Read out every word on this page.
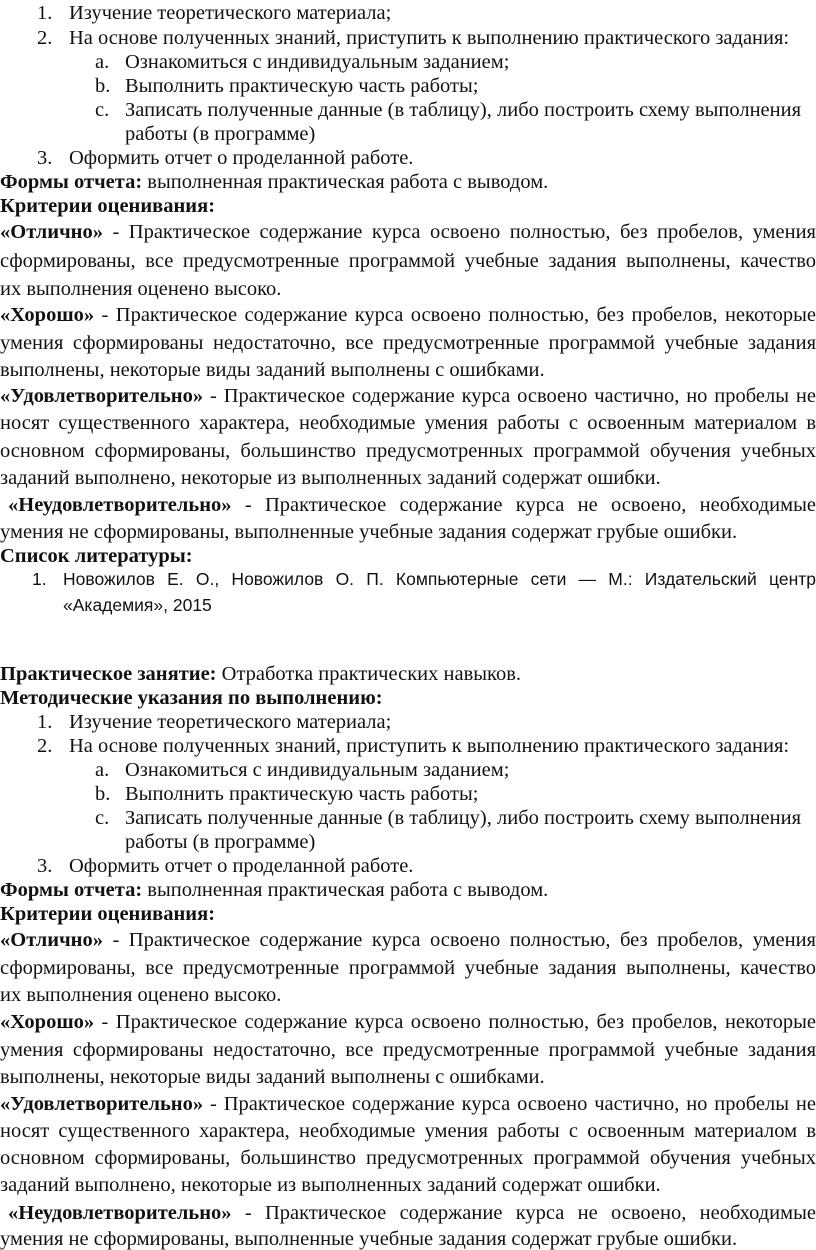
1. Изучение теоретического материала;
2. На основе полученных знаний, приступить к выполнению практического задания:
a. Ознакомиться с индивидуальным заданием;
b. Выполнить практическую часть работы;
c. Записать полученные данные (в таблицу), либо построить схему выполнения
работы (в программе)
3. Оформить отчет о проделанной работе.
Формы отчета: выполненная практическая работа с выводом.
Критерии оценивания:
«Отлично» - Практическое содержание курса освоено полностью, без пробелов, умения
сформированы, все предусмотренные программой учебные задания выполнены, качество
их выполнения оценено высоко.
«Хорошо» - Практическое содержание курса освоено полностью, без пробелов, некоторые
умения сформированы недостаточно, все предусмотренные программой учебные задания
выполнены, некоторые виды заданий выполнены с ошибками.
«Удовлетворительно» - Практическое содержание курса освоено частично, но пробелы не
носят существенного характера, необходимые умения работы с освоенным материалом в
основном сформированы, большинство предусмотренных программой обучения учебных
заданий выполнено, некоторые из выполненных заданий содержат ошибки.
«Неудовлетворительно» - Практическое содержание курса не освоено, необходимые
умения не сформированы, выполненные учебные задания содержат грубые ошибки.
Список литературы:
1. Новожилов Е. О., Новожилов О. П. Компьютерные сети — М.: Издательский центр
«Академия», 2015
Практическое занятие: Отработка практических навыков.
Методические указания по выполнению:
1. Изучение теоретического материала;
2. На основе полученных знаний, приступить к выполнению практического задания:
a. Ознакомиться с индивидуальным заданием;
b. Выполнить практическую часть работы;
c. Записать полученные данные (в таблицу), либо построить схему выполнения
работы (в программе)
3. Оформить отчет о проделанной работе.
Формы отчета: выполненная практическая работа с выводом.
Критерии оценивания:
«Отлично» - Практическое содержание курса освоено полностью, без пробелов, умения
сформированы, все предусмотренные программой учебные задания выполнены, качество
их выполнения оценено высоко.
«Хорошо» - Практическое содержание курса освоено полностью, без пробелов, некоторые
умения сформированы недостаточно, все предусмотренные программой учебные задания
выполнены, некоторые виды заданий выполнены с ошибками.
«Удовлетворительно» - Практическое содержание курса освоено частично, но пробелы не
носят существенного характера, необходимые умения работы с освоенным материалом в
основном сформированы, большинство предусмотренных программой обучения учебных
заданий выполнено, некоторые из выполненных заданий содержат ошибки.
«Неудовлетворительно» - Практическое содержание курса не освоено, необходимые
умения не сформированы, выполненные учебные задания содержат грубые ошибки.
